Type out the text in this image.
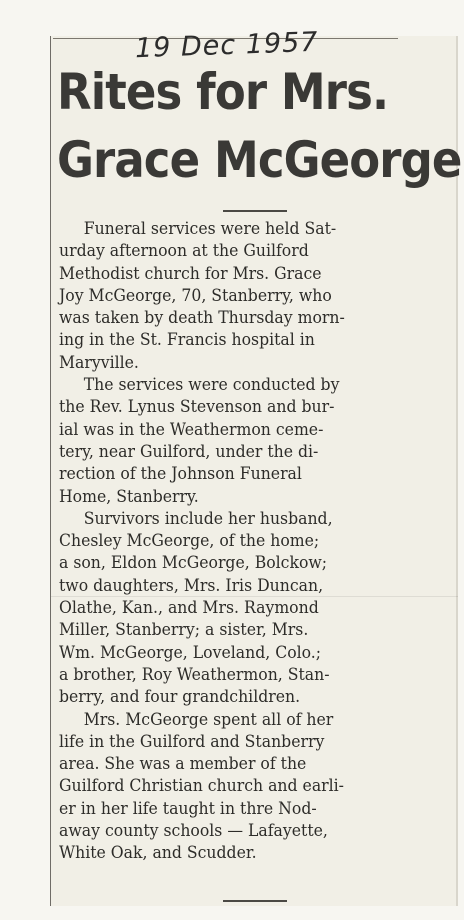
19 Dec 1957
Rites for Mrs.
Grace McGeorge
Funeral services were held Sat-
urday afternoon at the Guilford
Methodist church for Mrs. Grace
Joy McGeorge, 70, Stanberry, who
was taken by death Thursday morn-
ing in the St. Francis hospital in
Maryville.
The services were conducted by
the Rev. Lynus Stevenson and bur-
ial was in the Weathermon ceme-
tery, near Guilford, under the di-
rection of the Johnson Funeral
Home, Stanberry.
Survivors include her husband,
Chesley McGeorge, of the home;
a son, Eldon McGeorge, Bolckow;
two daughters, Mrs. Iris Duncan,
Olathe, Kan., and Mrs. Raymond
Miller, Stanberry; a sister, Mrs.
Wm. McGeorge, Loveland, Colo.;
a brother, Roy Weathermon, Stan-
berry, and four grandchildren.
Mrs. McGeorge spent all of her
life in the Guilford and Stanberry
area. She was a member of the
Guilford Christian church and earli-
er in her life taught in thre Nod-
away county schools — Lafayette,
White Oak, and Scudder.
